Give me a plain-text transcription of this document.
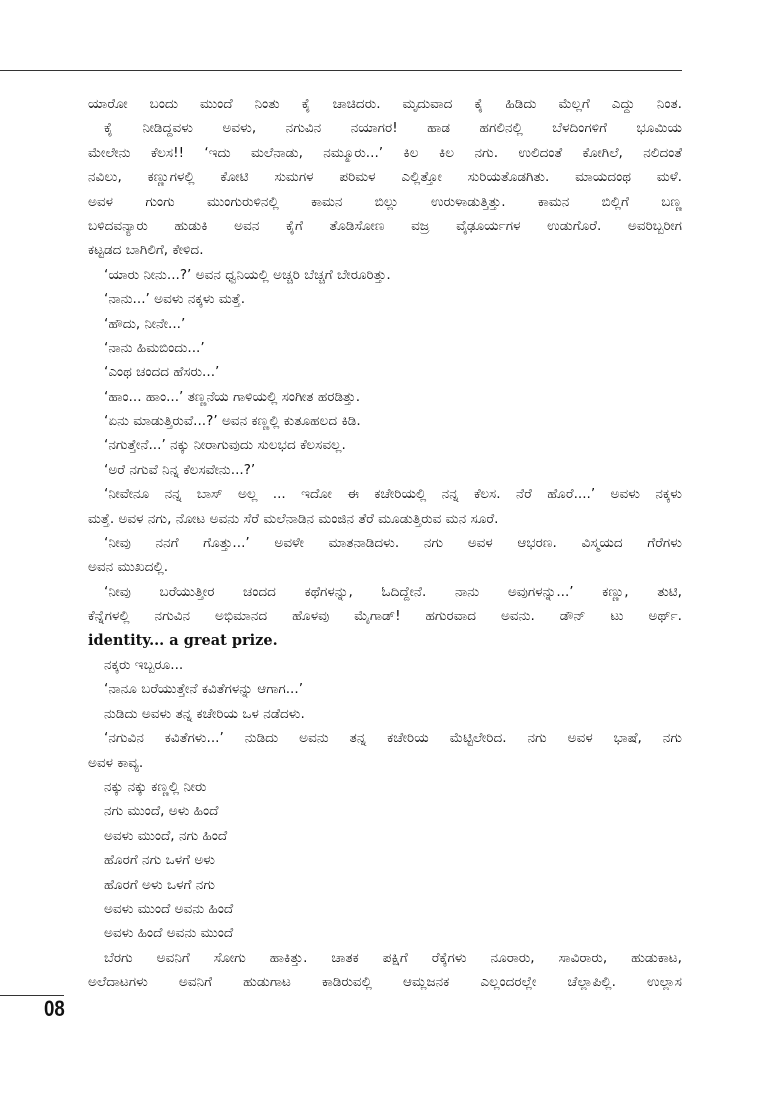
ಯಾರೋ ಬಂದು ಮುಂದೆ ನಿಂತು ಕೈ ಚಾಚಿದರು. ಮೃದುವಾದ ಕೈ ಹಿಡಿದು ಮೆಲ್ಲಗೆ ಎದ್ದು ನಿಂತ.
ಕೈ ನೀಡಿದ್ದವಳು ಅವಳು, ನಗುವಿನ ನಯಾಗರ! ಹಾಡ ಹಗಲಿನಲ್ಲಿ ಬೆಳದಿಂಗಳಿಗೆ ಭೂಮಿಯ
ಮೇಲೇನು ಕೆಲಸ!! ‘ಇದು ಮಲೆನಾಡು, ನಮ್ಮೂರು...’ ಕಿಲ ಕಿಲ ನಗು. ಉಲಿದಂತೆ ಕೋಗಿಲೆ, ನಲಿದಂತೆ
ನವಿಲು, ಕಣ್ಣುಗಳಲ್ಲಿ ಕೋಟಿ ಸುಮಗಳ ಪರಿಮಳ ಎಲ್ಲಿತ್ತೋ ಸುರಿಯತೊಡಗಿತು. ಮಾಯದಂಥ ಮಳೆ.
ಅವಳ ಗುಂಗು ಮುಂಗುರುಳಿನಲ್ಲಿ ಕಾಮನ ಬಿಲ್ಲು ಉರುಳಾಡುತ್ತಿತ್ತು. ಕಾಮನ ಬಿಲ್ಲಿಗೆ ಬಣ್ಣ
ಬಳಿದವನ್ಯಾರು ಹುಡುಕಿ ಅವನ ಕೈಗೆ ತೊಡಿಸೋಣ ವಜ್ರ ವೈಢೂರ್ಯಗಳ ಉಡುಗೊರೆ. ಅವರಿಬ್ಬರೀಗ
ಕಟ್ಟಡದ ಬಾಗಿಲಿಗೆ, ಕೇಳಿದ.
‘ಯಾರು ನೀನು...?’ ಅವನ ಧ್ವನಿಯಲ್ಲಿ ಅಚ್ಚರಿ ಬೆಚ್ಚಗೆ ಬೇರೂರಿತ್ತು.
‘ನಾನು...’ ಅವಳು ನಕ್ಕಳು ಮತ್ತೆ.
‘ಹೌದು, ನೀನೇ...’
‘ನಾನು ಹಿಮಬಿಂದು...’
‘ಎಂಥ ಚಂದದ ಹೆಸರು...’
‘ಹಾಂ... ಹಾಂ...’ ತಣ್ಣನೆಯ ಗಾಳಿಯಲ್ಲಿ ಸಂಗೀತ ಹರಡಿತ್ತು.
‘ಏನು ಮಾಡುತ್ತಿರುವೆ...?’ ಅವನ ಕಣ್ಣಲ್ಲಿ ಕುತೂಹಲದ ಕಿಡಿ.
‘ನಗುತ್ತೇನೆ...’ ನಕ್ಕು ನೀರಾಗುವುದು ಸುಲಭದ ಕೆಲಸವಲ್ಲ.
‘ಅರೆ ನಗುವೆ ನಿನ್ನ ಕೆಲಸವೇನು...?’
‘ನೀವೇನೂ ನನ್ನ ಬಾಸ್ ಅಲ್ಲ ... ಇದೋ ಈ ಕಚೇರಿಯಲ್ಲಿ ನನ್ನ ಕೆಲಸ. ನೆರೆ ಹೊರೆ....’ ಅವಳು ನಕ್ಕಳು
ಮತ್ತೆ. ಅವಳ ನಗು, ನೋಟ ಅವನು ಸೆರೆ ಮಲೆನಾಡಿನ ಮಂಜಿನ ತೆರೆ ಮೂಡುತ್ತಿರುವ ಮನ ಸೂರೆ.
‘ನೀವು ನನಗೆ ಗೊತ್ತು...’ ಅವಳೇ ಮಾತನಾಡಿದಳು. ನಗು ಅವಳ ಆಭರಣ. ವಿಸ್ಮಯದ ಗೆರೆಗಳು
ಅವನ ಮುಖದಲ್ಲಿ.
‘ನೀವು ಬರೆಯುತ್ತೀರ ಚಂದದ ಕಥೆಗಳನ್ನು, ಓದಿದ್ದೇನೆ. ನಾನು ಅವುಗಳನ್ನು...’ ಕಣ್ಣು, ತುಟಿ,
ಕೆನ್ನೆಗಳಲ್ಲಿ ನಗುವಿನ ಅಭಿಮಾನದ ಹೊಳವು ಮೈಗಾಡ್! ಹಗುರವಾದ ಅವನು. ಡೌನ್ ಟು ಅರ್ಥ್.
identity... a great prize.
ನಕ್ಕರು ಇಬ್ಬರೂ...
‘ನಾನೂ ಬರೆಯುತ್ತೇನೆ ಕವಿತೆಗಳನ್ನು ಆಗಾಗ...’
ನುಡಿದು ಅವಳು ತನ್ನ ಕಚೇರಿಯ ಒಳ ನಡೆದಳು.
‘ನಗುವಿನ ಕವಿತೆಗಳು...’ ನುಡಿದು ಅವನು ತನ್ನ ಕಚೇರಿಯ ಮೆಟ್ಟಿಲೇರಿದ. ನಗು ಅವಳ ಭಾಷೆ, ನಗು
ಅವಳ ಕಾವ್ಯ.
ನಕ್ಕು ನಕ್ಕು ಕಣ್ಣಲ್ಲಿ ನೀರು
ನಗು ಮುಂದೆ, ಅಳು ಹಿಂದೆ
ಅವಳು ಮುಂದೆ, ನಗು ಹಿಂದೆ
ಹೊರಗೆ ನಗು ಒಳಗೆ ಅಳು
ಹೊರಗೆ ಅಳು ಒಳಗೆ ನಗು
ಅವಳು ಮುಂದೆ ಅವನು ಹಿಂದೆ
ಅವಳು ಹಿಂದೆ ಅವನು ಮುಂದೆ
ಬೆರಗು ಅವನಿಗೆ ಸೋಗು ಹಾಕಿತ್ತು. ಚಾತಕ ಪಕ್ಷಿಗೆ ರೆಕ್ಕೆಗಳು ನೂರಾರು, ಸಾವಿರಾರು, ಹುಡುಕಾಟ,
ಅಲೆದಾಟಗಳು ಅವನಿಗೆ ಹುಡುಗಾಟ ಕಾಡಿರುವಲ್ಲಿ ಆಮ್ಲಜನಕ ಎಲ್ಲಂದರಲ್ಲೇ ಚೆಲ್ಲಾಪಿಲ್ಲಿ. ಉಲ್ಲಾಸ
08
